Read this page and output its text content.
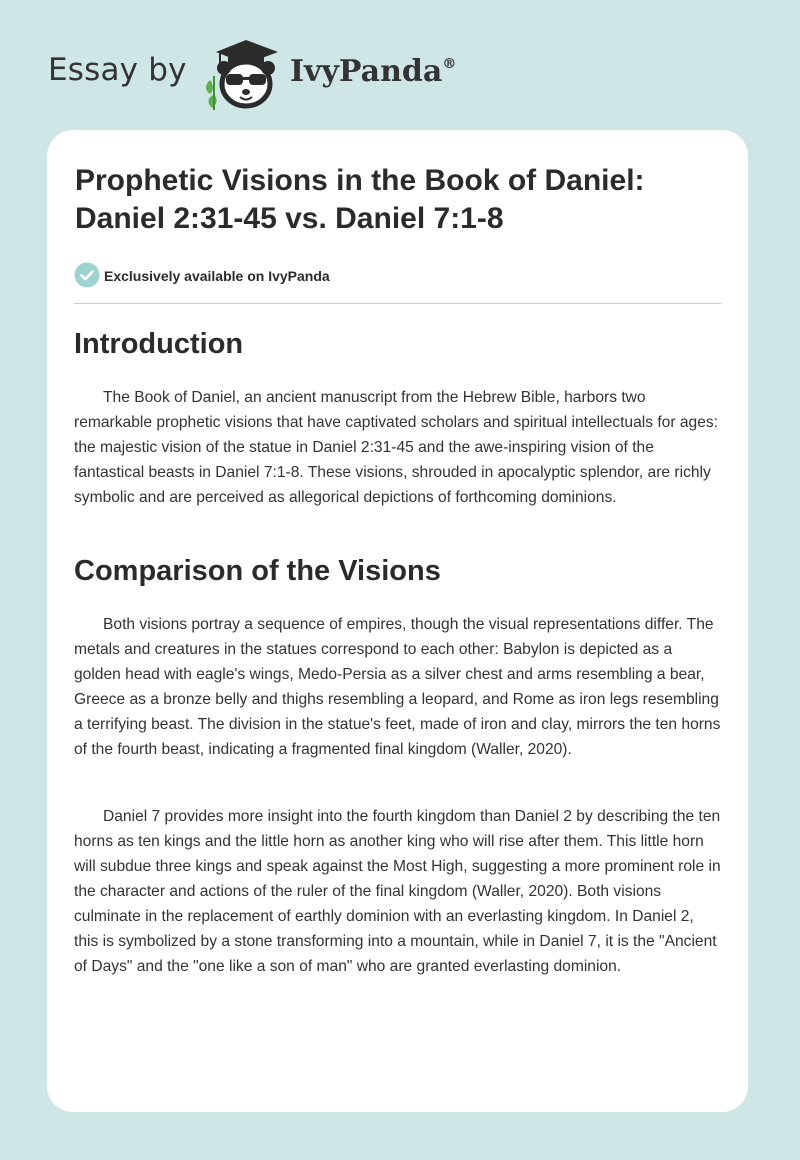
Essay by	IvyPanda®
Prophetic Visions in the Book of Daniel: Daniel 2:31-45 vs. Daniel 7:1-8
Exclusively available on IvyPanda
Introduction

The Book of Daniel, an ancient manuscript from the Hebrew Bible, harbors two remarkable prophetic visions that have captivated scholars and spiritual intellectuals for ages: the majestic vision of the statue in Daniel 2:31-45 and the awe-inspiring vision of the fantastical beasts in Daniel 7:1-8. These visions, shrouded in apocalyptic splendor, are richly symbolic and are perceived as allegorical depictions of forthcoming dominions.

Comparison of the Visions

Both visions portray a sequence of empires, though the visual representations differ. The metals and creatures in the statues correspond to each other: Babylon is depicted as a golden head with eagle's wings, Medo-Persia as a silver chest and arms resembling a bear, Greece as a bronze belly and thighs resembling a leopard, and Rome as iron legs resembling a terrifying beast. The division in the statue's feet, made of iron and clay, mirrors the ten horns of the fourth beast, indicating a fragmented final kingdom (Waller, 2020).

Daniel 7 provides more insight into the fourth kingdom than Daniel 2 by describing the ten horns as ten kings and the little horn as another king who will rise after them. This little horn will subdue three kings and speak against the Most High, suggesting a more prominent role in the character and actions of the ruler of the final kingdom (Waller, 2020). Both visions culminate in the replacement of earthly dominion with an everlasting kingdom. In Daniel 2, this is symbolized by a stone transforming into a mountain, while in Daniel 7, it is the "Ancient of Days" and the "one like a son of man" who are granted everlasting dominion.
